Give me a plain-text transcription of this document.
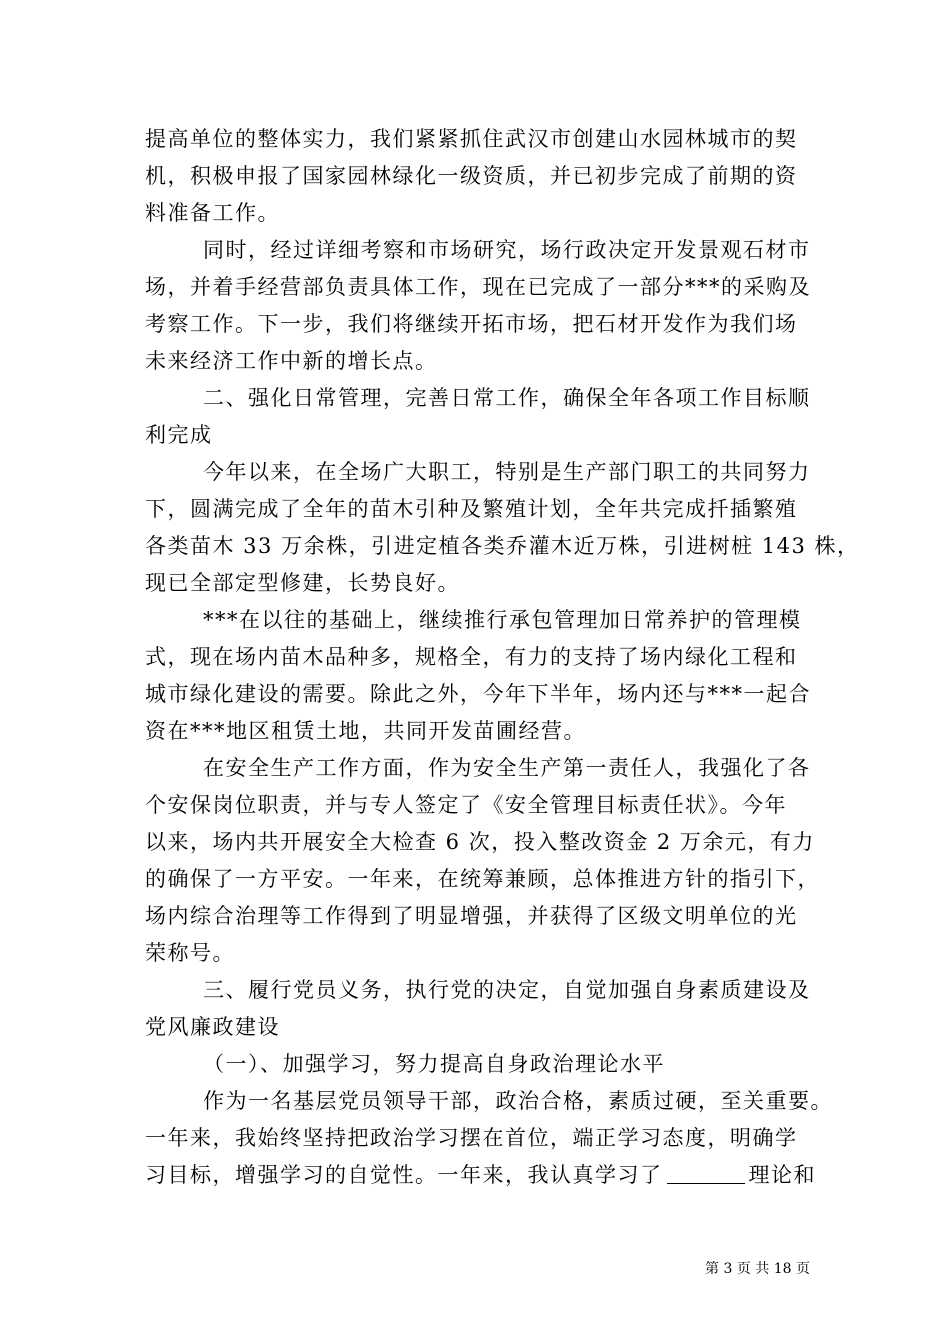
提高单位的整体实力，我们紧紧抓住武汉市创建山水园林城市的契
机，积极申报了国家园林绿化一级资质，并已初步完成了前期的资
料准备工作。

同时，经过详细考察和市场研究，场行政决定开发景观石材市
场，并着手经营部负责具体工作，现在已完成了一部分***的采购及
考察工作。下一步，我们将继续开拓市场，把石材开发作为我们场
未来经济工作中新的增长点。

二、强化日常管理，完善日常工作，确保全年各项工作目标顺
利完成

今年以来，在全场广大职工，特别是生产部门职工的共同努力
下，圆满完成了全年的苗木引种及繁殖计划，全年共完成扦插繁殖
各类苗木 33 万余株，引进定植各类乔灌木近万株，引进树桩 143 株，
现已全部定型修建，长势良好。

***在以往的基础上，继续推行承包管理加日常养护的管理模
式，现在场内苗木品种多，规格全，有力的支持了场内绿化工程和
城市绿化建设的需要。除此之外，今年下半年，场内还与***一起合
资在***地区租赁土地，共同开发苗圃经营。

在安全生产工作方面，作为安全生产第一责任人，我强化了各
个安保岗位职责，并与专人签定了《安全管理目标责任状》。今年
以来，场内共开展安全大检查 6 次，投入整改资金 2 万余元，有力
的确保了一方平安。一年来，在统筹兼顾，总体推进方针的指引下，
场内综合治理等工作得到了明显增强，并获得了区级文明单位的光
荣称号。

三、履行党员义务，执行党的决定，自觉加强自身素质建设及
党风廉政建设

（一）、加强学习，努力提高自身政治理论水平

作为一名基层党员领导干部，政治合格，素质过硬，至关重要。
一年来，我始终坚持把政治学习摆在首位，端正学习态度，明确学
习目标，增强学习的自觉性。一年来，我认真学习了	理论和

第 3 页 共 18 页
